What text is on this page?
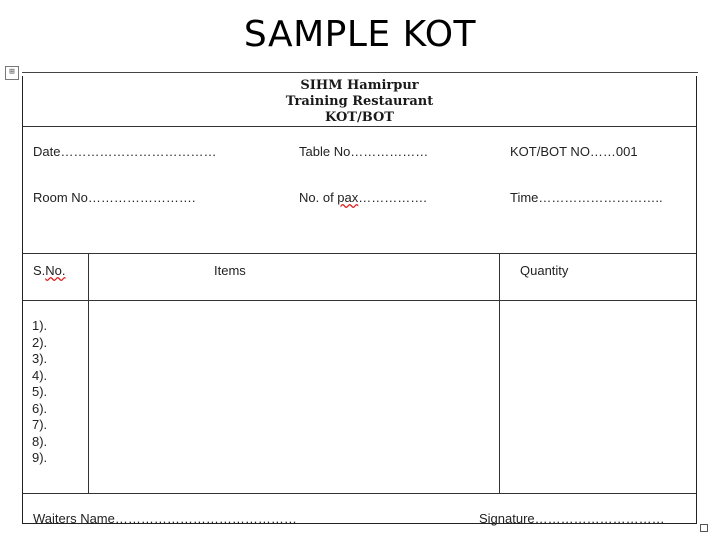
SAMPLE KOT
⊞
SIHM Hamirpur
Training Restaurant
KOT/BOT
Date………………………………	Table No………………	KOT/BOT NO……001
Room No…………………….	No. of pax…………….	Time………………………..
S.No.	Items	Quantity
1).
2).
3).
4).
5).
6).
7).
8).
9).
Waiters Name……………………………………	Signature…………………………
